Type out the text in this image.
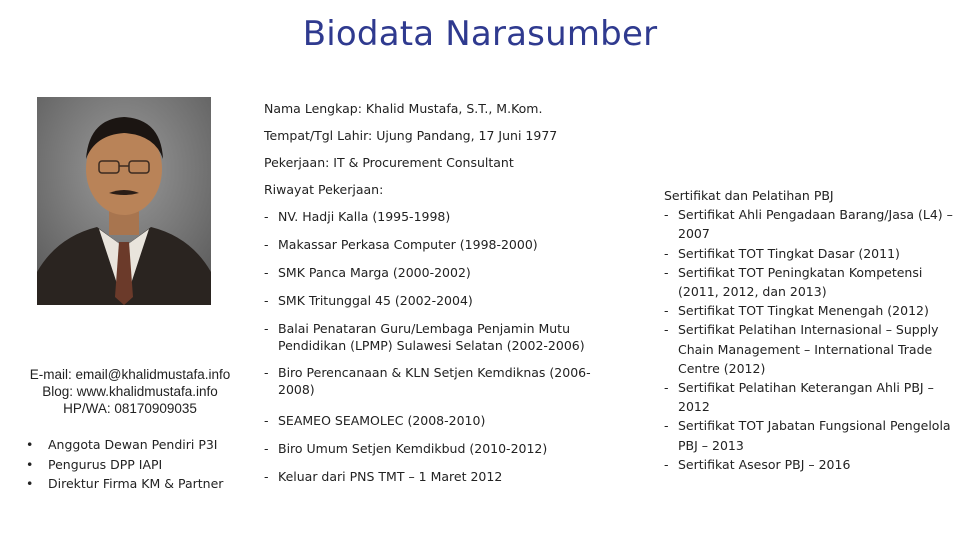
Biodata Narasumber
E-mail: email@khalidmustafa.info
Blog: www.khalidmustafa.info
HP/WA: 08170909035
•	Anggota Dewan Pendiri P3I
•	Pengurus DPP IAPI
•	Direktur Firma KM & Partner
Nama Lengkap: Khalid Mustafa, S.T., M.Kom.
Tempat/Tgl Lahir: Ujung Pandang, 17 Juni 1977
Pekerjaan: IT & Procurement Consultant
Riwayat Pekerjaan:
- NV. Hadji Kalla (1995-1998)
- Makassar Perkasa Computer (1998-2000)
- SMK Panca Marga (2000-2002)
- SMK Tritunggal 45 (2002-2004)
- Balai Penataran Guru/Lembaga Penjamin Mutu Pendidikan (LPMP) Sulawesi Selatan (2002-2006)
- Biro Perencanaan & KLN Setjen Kemdiknas (2006-2008)
- SEAMEO SEAMOLEC (2008-2010)
- Biro Umum Setjen Kemdikbud (2010-2012)
- Keluar dari PNS TMT – 1 Maret 2012
Sertifikat dan Pelatihan PBJ
- Sertifikat Ahli Pengadaan Barang/Jasa (L4) – 2007
- Sertifikat TOT Tingkat Dasar (2011)
- Sertifikat TOT Peningkatan Kompetensi (2011, 2012, dan 2013)
- Sertifikat TOT Tingkat Menengah (2012)
- Sertifikat Pelatihan Internasional – Supply Chain Management – International Trade Centre (2012)
- Sertifikat Pelatihan Keterangan Ahli PBJ – 2012
- Sertifikat TOT Jabatan Fungsional Pengelola PBJ – 2013
- Sertifikat Asesor PBJ – 2016
